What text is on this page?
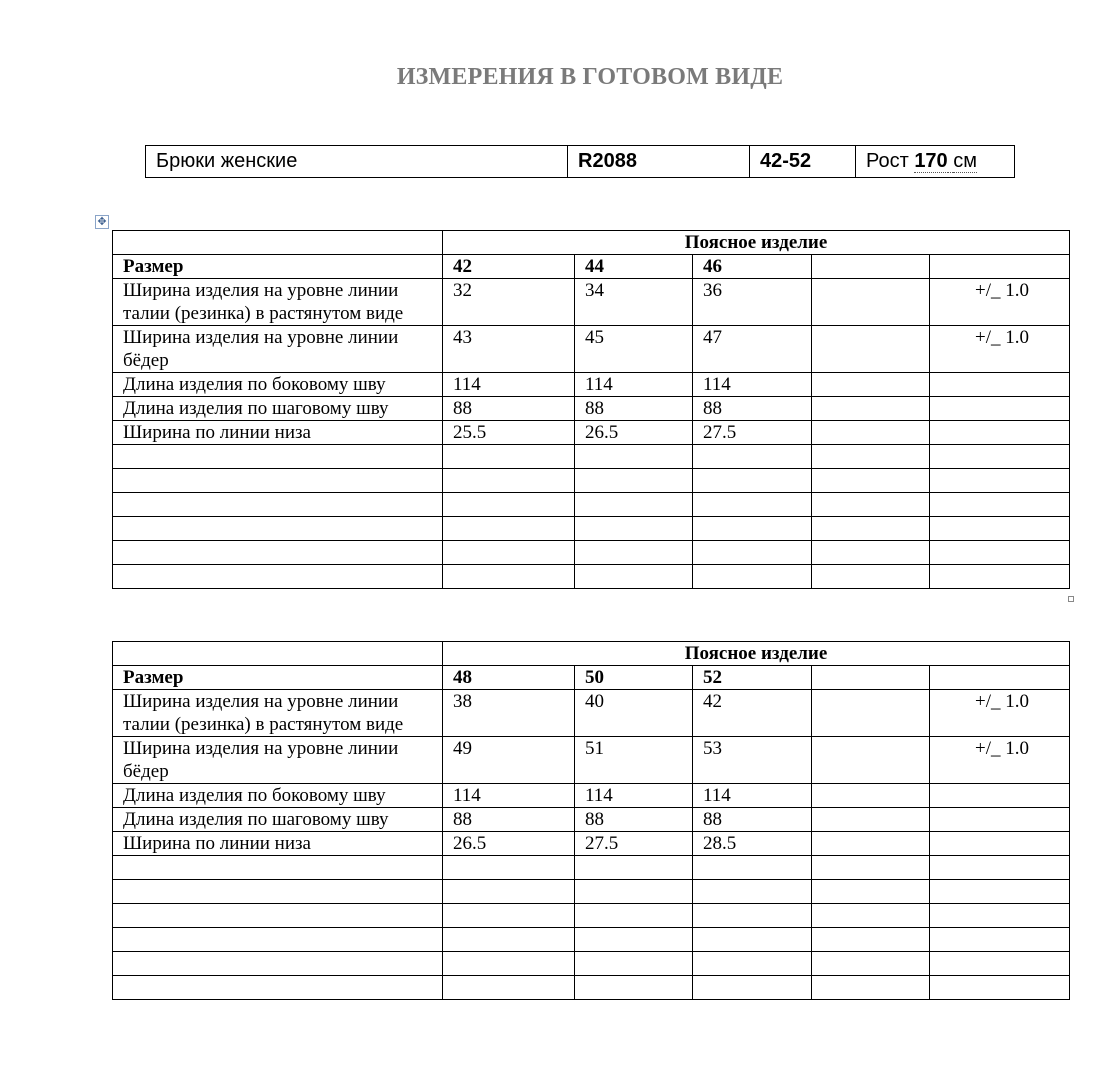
ИЗМЕРЕНИЯ В ГОТОВОМ ВИДЕ
Брюки женские	R2088	42-52	Рост 170 см
✥
	Поясное изделие				
Размер	42	44	46		
Ширина изделия на уровне линии талии (резинка) в растянутом виде	32	34	36		+/_ 1.0
Ширина изделия на уровне линии бёдер	43	45	47		+/_ 1.0
Длина изделия по боковому шву	114	114	114		
Длина изделия по шаговому шву	88	88	88		
Ширина по линии низа	25.5	26.5	27.5		

	Поясное изделие				
Размер	48	50	52		
Ширина изделия на уровне линии талии (резинка) в растянутом виде	38	40	42		+/_ 1.0
Ширина изделия на уровне линии бёдер	49	51	53		+/_ 1.0
Длина изделия по боковому шву	114	114	114		
Длина изделия по шаговому шву	88	88	88		
Ширина по линии низа	26.5	27.5	28.5		
